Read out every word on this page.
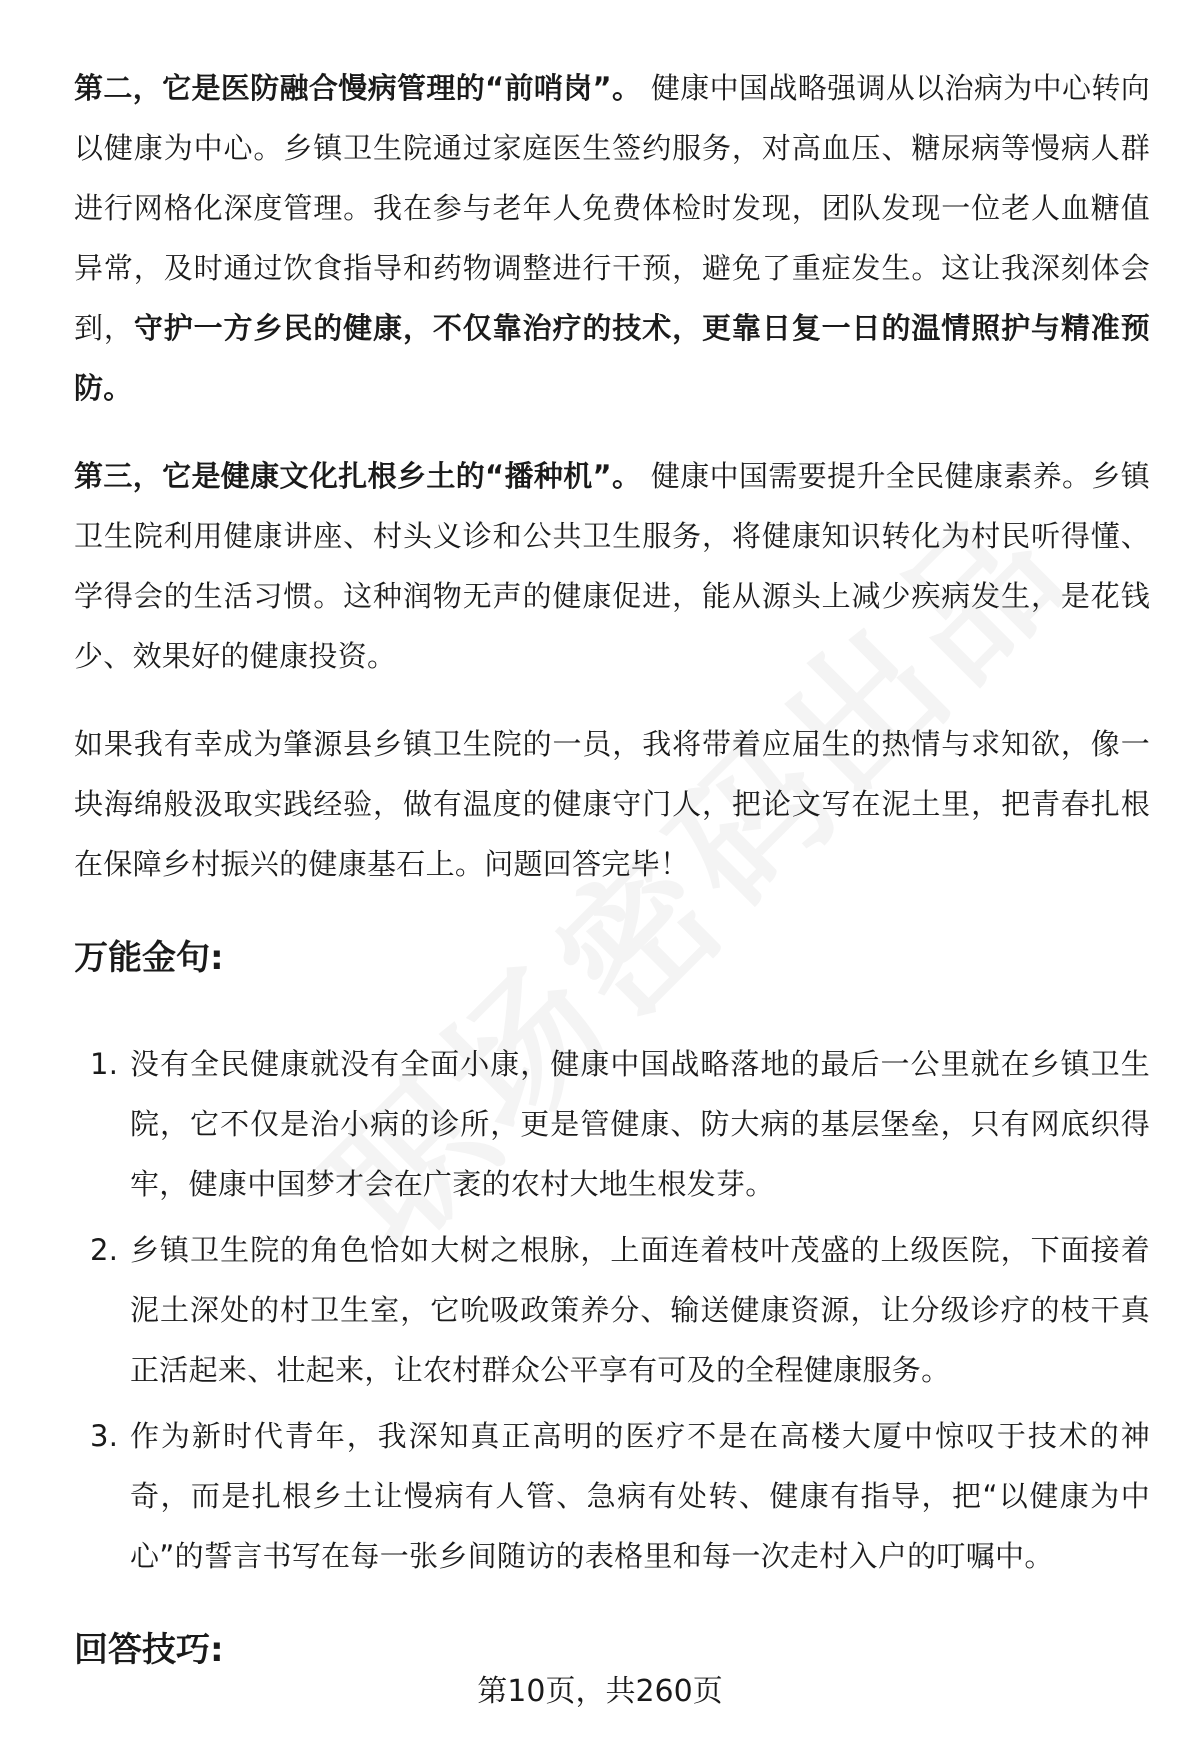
第二，它是医防融合慢病管理的“前哨岗”。 健康中国战略强调从以治病为中心转向以健康为中心。乡镇卫生院通过家庭医生签约服务，对高血压、糖尿病等慢病人群进行网格化深度管理。我在参与老年人免费体检时发现，团队发现一位老人血糖值异常，及时通过饮食指导和药物调整进行干预，避免了重症发生。这让我深刻体会到，守护一方乡民的健康，不仅靠治疗的技术，更靠日复一日的温情照护与精准预防。

第三，它是健康文化扎根乡土的“播种机”。 健康中国需要提升全民健康素养。乡镇卫生院利用健康讲座、村头义诊和公共卫生服务，将健康知识转化为村民听得懂、学得会的生活习惯。这种润物无声的健康促进，能从源头上减少疾病发生，是花钱少、效果好的健康投资。

如果我有幸成为肇源县乡镇卫生院的一员，我将带着应届生的热情与求知欲，像一块海绵般汲取实践经验，做有温度的健康守门人，把论文写在泥土里，把青春扎根在保障乡村振兴的健康基石上。问题回答完毕！

万能金句:
1. 没有全民健康就没有全面小康，健康中国战略落地的最后一公里就在乡镇卫生院，它不仅是治小病的诊所，更是管健康、防大病的基层堡垒，只有网底织得牢，健康中国梦才会在广袤的农村大地生根发芽。
2. 乡镇卫生院的角色恰如大树之根脉，上面连着枝叶茂盛的上级医院，下面接着泥土深处的村卫生室，它吮吸政策养分、输送健康资源，让分级诊疗的枝干真正活起来、壮起来，让农村群众公平享有可及的全程健康服务。
3. 作为新时代青年，我深知真正高明的医疗不是在高楼大厦中惊叹于技术的神奇，而是扎根乡土让慢病有人管、急病有处转、健康有指导，把“以健康为中心”的誓言书写在每一张乡间随访的表格里和每一次走村入户的叮嘱中。
回答技巧:
第10页，共260页
